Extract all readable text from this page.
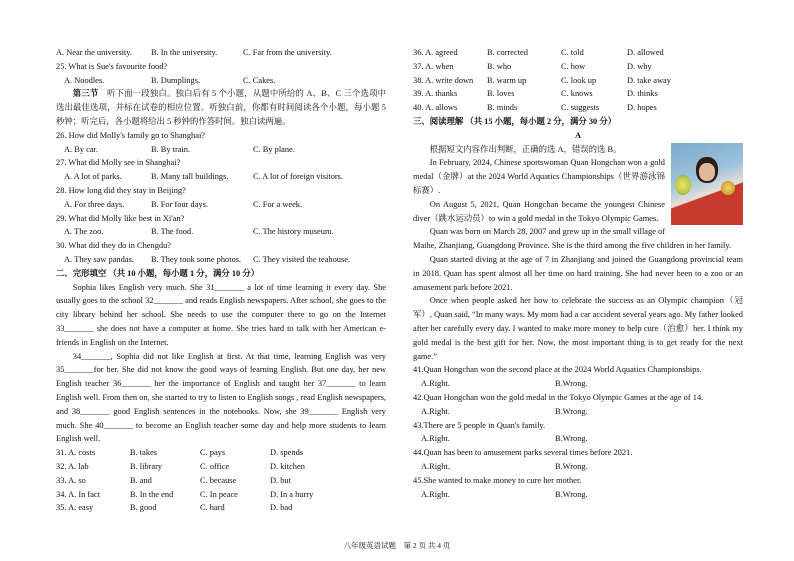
A. Near the university.	B. In the university.	C. Far from the university.
25. What is Sue's favourite food?
A. Noodles.	B. Dumplings.	C. Cakes.
第三节　 听下面一段独白。独白后有 5 个小题，从题中所给的 A、B、C 三个选项中选出最佳选项，并标在试卷的相应位置。听独白前，你都有时间阅读各个小题，每小题 5 秒钟；听完后，各小题将给出 5 秒钟的作答时间。独白读两遍。
26. How did Molly's family go to Shanghai?
A. By car.	B. By train.	C. By plane.
27. What did Molly see in Shanghai?
A. A lot of parks.	B. Many tall buildings.	C. A lot of foreign visitors.
28. How long did they stay in Beijing?
A. For three days.	B. For four days.	C. For a week.
29. What did Molly like best in Xi'an?
A. The zoo.	B. The food.	C. The history museum.
30. What did they do in Chengdu?
A. They saw pandas.	B. They took some photos.	C. They visited the teahouse.
二、完形填空 （共 10 小题，每小题 1 分，满分 10 分）
Sophia likes English very much. She 31_______ a lot of time learning it every day. She usually goes to the school 32_______ and reads English newspapers. After school, she goes to the city library behind her school. She needs to use the computer there to go on the Internet 33_______ she does not have a computer at home. She tries hard to talk with her American e-friends in English on the Internet.
34_______, Sophia did not like English at first. At that time, learning English was very 35_______for her. She did not know the good ways of learning English. But one day, her new English teacher 36_______ her the importance of English and taught her 37_______ to learn English well. From then on, she started to try to listen to English songs , read English newspapers, and 38_______ good English sentences in the notebooks. Now, she 39_______ English very much. She 40_______ to become an English teacher some day and help more students to learn English well.
31. A. costs	B. takes	C. pays	D. spends
32. A. lab	B. library	C. office	D. kitchen
33. A. so	B. and	C. because	D. but
34. A. In fact	B. In the end	C. In peace	D. In a hurry
35. A. easy	B. good	C. hard	D. bad
36. A. agreed	B. corrected	C. told	D. allowed
37. A. when	B. who	C. how	D. why
38. A. write down	B. warm up	C. look up	D. take away
39. A. thanks	B. loves	C. knows	D. thinks
40. A. allows	B. minds	C. suggests	D. hopes
三、阅读理解 （共 15 小题，每小题 2 分，满分 30 分）
A
根据短文内容作出判断，正确的选 A，错误的选 B。
In February, 2024, Chinese sportswoman Quan Hongchan won a gold medal（金牌）at the 2024 World Aquatics Championships（世界游泳锦标赛）.
On August 5, 2021, Quan Hongchan became the youngest Chinese diver（跳水运动员）to win a gold medal in the Tokyo Olympic Games.
Quan was born on March 28, 2007 and grew up in the small village of Maihe, Zhanjiang, Guangdong Province. She is the third among the five children in her family.
Quan started diving at the age of 7 in Zhanjiang and joined the Guangdong provincial team in 2018. Quan has spent almost all her time on hard training. She had never been to a zoo or an amusement park before 2021.
Once when people asked her how to celebrate the success as an Olympic champion（冠军）, Quan said, “In many ways. My mom had a car accident several years ago. My father looked after her carefully every day. I wanted to make more money to help cure（治愈）her. I think my gold medal is the best gift for her. Now, the most important thing is to get ready for the next game.”
41.Quan Hongchan won the second place at the 2024 World Aquatics Championships.
A.Right.	B.Wrong.
42.Quan Hongchan won the gold medal in the Tokyo Olympic Games at the age of 14.
A.Right.	B.Wrong.
43.There are 5 people in Quan's family.
A.Right.	B.Wrong.
44.Quan has been to amusement parks several times before 2021.
A.Right.	B.Wrong.
45.She wanted to make money to cure her mother.
A.Right.	B.Wrong.
八年级英语试题　第 2 页 共 4 页
